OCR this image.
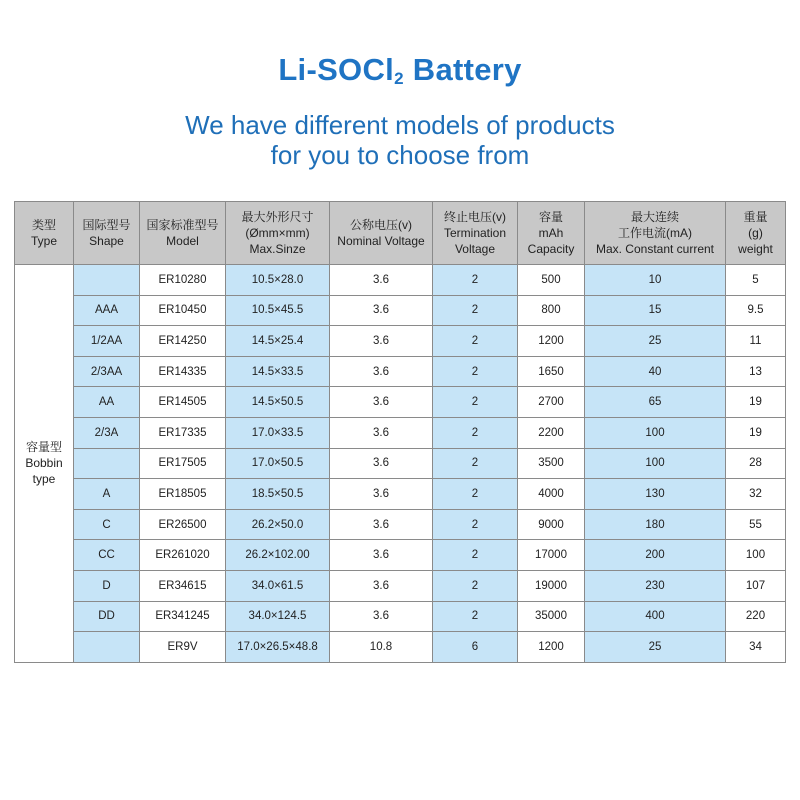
Li-SOCl$_2$ Battery
We have different models of products
for you to choose from
类型
Type	国际型号
Shape	国家标准型号
Model	最大外形尺寸
(Ømm×mm)
Max.Sinze	公称电压(v)
Nominal Voltage	终止电压(v)
Termination
Voltage	容量
mAh
Capacity	最大连续
工作电流(mA)
Max. Constant current	重量
(g)
weight

容量型
Bobbin
type		ER10280	10.5×28.0	3.6	2	500	10	5
	AAA	ER10450	10.5×45.5	3.6	2	800	15	9.5
	1/2AA	ER14250	14.5×25.4	3.6	2	1200	25	11
	2/3AA	ER14335	14.5×33.5	3.6	2	1650	40	13
	AA	ER14505	14.5×50.5	3.6	2	2700	65	19
	2/3A	ER17335	17.0×33.5	3.6	2	2200	100	19
		ER17505	17.0×50.5	3.6	2	3500	100	28
	A	ER18505	18.5×50.5	3.6	2	4000	130	32
	C	ER26500	26.2×50.0	3.6	2	9000	180	55
	CC	ER261020	26.2×102.00	3.6	2	17000	200	100
	D	ER34615	34.0×61.5	3.6	2	19000	230	107
	DD	ER341245	34.0×124.5	3.6	2	35000	400	220
		ER9V	17.0×26.5×48.8	10.8	6	1200	25	34
